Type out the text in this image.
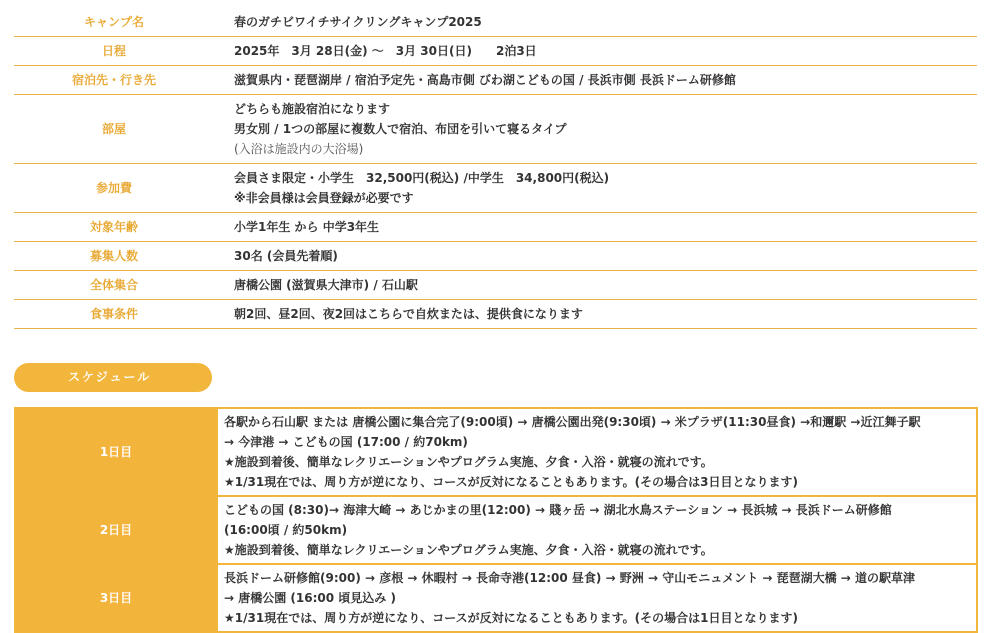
キャンプ名	春のガチビワイチサイクリングキャンプ2025

日程	2025年　3月 28日(金) 〜　3月 30日(日)　　2泊3日

宿泊先・行き先	滋賀県内・琵琶湖岸 / 宿泊予定先・高島市側 びわ湖こどもの国 / 長浜市側 長浜ドーム研修館

部屋	どちらも施設宿泊になります
男女別 / 1つの部屋に複数人で宿泊、布団を引いて寝るタイプ
(入浴は施設内の大浴場)

参加費	会員さま限定・小学生　32,500円(税込) /中学生　34,800円(税込)
※非会員様は会員登録が必要です

対象年齢	小学1年生 から 中学3年生

募集人数	30名 (会員先着順)

全体集合	唐橋公園 (滋賀県大津市) / 石山駅

食事条件	朝2回、昼2回、夜2回はこちらで自炊または、提供食になります
スケジュール
1日目	各駅から石山駅 または 唐橋公園に集合完了(9:00頃) → 唐橋公園出発(9:30頃) → 米プラザ(11:30昼食) →和邇駅 →近江舞子駅
→ 今津港 → こどもの国 (17:00 / 約70km)
★施設到着後、簡単なレクリエーションやプログラム実施、夕食・入浴・就寝の流れです。
★1/31現在では、周り方が逆になり、コースが反対になることもあります。(その場合は3日目となります)

2日目	こどもの国 (8:30)→ 海津大崎 → あじかまの里(12:00) → 賤ヶ岳 → 湖北水鳥ステーション → 長浜城 → 長浜ドーム研修館
(16:00頃 / 約50km)
★施設到着後、簡単なレクリエーションやプログラム実施、夕食・入浴・就寝の流れです。

3日目	長浜ドーム研修館(9:00) → 彦根 → 休暇村 → 長命寺港(12:00 昼食) → 野洲 → 守山モニュメント → 琵琶湖大橋 → 道の駅草津
→ 唐橋公園 (16:00 頃見込み )
★1/31現在では、周り方が逆になり、コースが反対になることもあります。(その場合は1日目となります)
